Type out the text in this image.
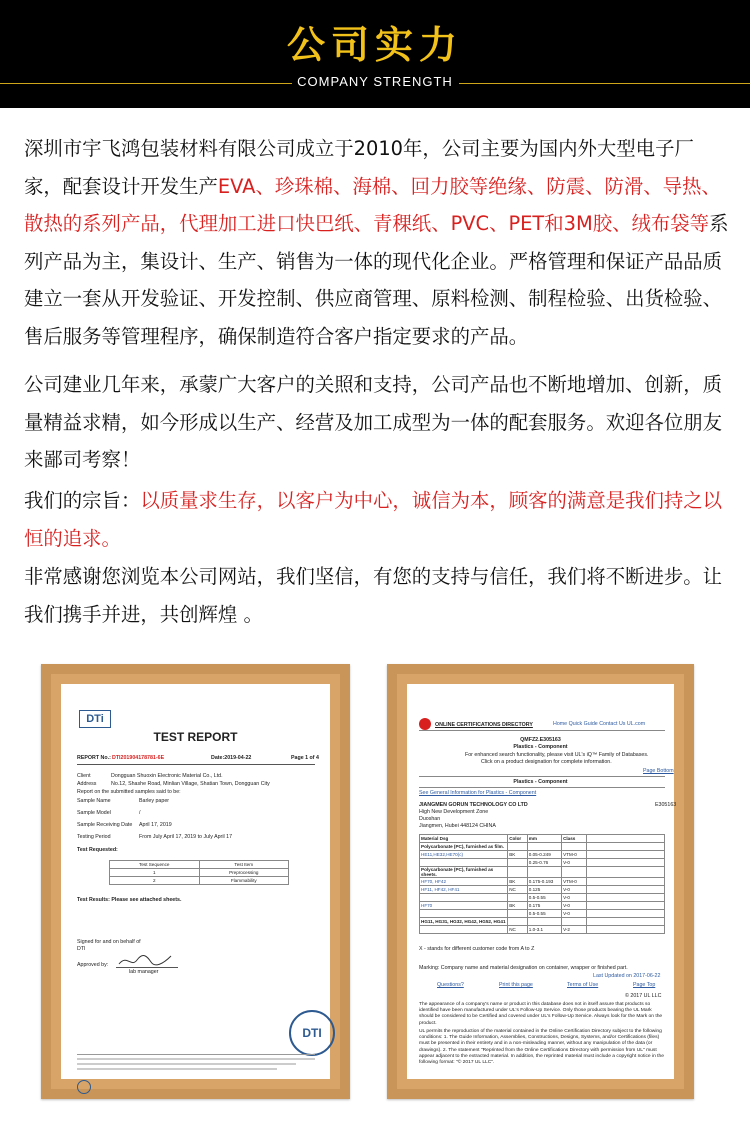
公司实力
COMPANY STRENGTH

深圳市宇飞鸿包装材料有限公司成立于2010年，公司主要为国内外大型电子厂家，配套设计开发生产EVA、珍珠棉、海棉、回力胶等绝缘、防震、防滑、导热、散热的系列产品，代理加工进口快巴纸、青稞纸、PVC、PET和3M胶、绒布袋等系列产品为主，集设计、生产、销售为一体的现代化企业。严格管理和保证产品品质建立一套从开发验证、开发控制、供应商管理、原料检测、制程检验、出货检验、售后服务等管理程序，确保制造符合客户指定要求的产品。

公司建业几年来，承蒙广大客户的关照和支持，公司产品也不断地增加、创新，质量精益求精，如今形成以生产、经营及加工成型为一体的配套服务。欢迎各位朋友来鄙司考察！

我们的宗旨：以质量求生存，以客户为中心，诚信为本，顾客的满意是我们持之以恒的追求。

非常感谢您浏览本公司网站，我们坚信，有您的支持与信任，我们将不断进步。让我们携手并进，共创辉煌 。

DTi
TEST REPORT
REPORT No.: DTI201904178781-6E	Date:2019-04-22	Page 1 of 4
Client	Dongguan Shuoxin Electronic Material Co., Ltd.
Address	No.12, Shashe Road, Minlian Village, Shatian Town, Dongguan City
Report on the submitted samples said to be:
Sample Name	Barley paper
Sample Model	/
Sample Receiving Date April 17, 2019
Testing Period	From July April 17, 2019 to July April 17
Test Requested:
Test Sequence	Test Item
1	Preprocessing
2	Flammability
Test Results: Please see attached sheets.
Signed for and on behalf of
DTI
Approved by:
lab manager
DTI
ONLINE CERTIFICATIONS DIRECTORY	Home Quick Guide Contact Us UL.com
QMFZ2.E305163
Plastics - Component
For enhanced search functionality, please visit UL's iQ™ Family of Databases.
Click on a product designation for complete information.
Page Bottom
Plastics - Component
See General Information for Plastics - Component
JIANGMEN GORUN TECHNOLOGY CO LTD	E305163
High New Development Zone
Duoshan
Jiangmen, Hubei 448124 CHINA
Material Dsg	Color	mm	Class	
Polycarbonate (PC), furnished as film.				
HE11,HE32,HE70(c)	BK	0.05-0.249	VTM-0	
		0.25-0.76	V-0	
Polycarbonate (PC), furnished as sheets.				
HF70, HF42	BK	0.175-0.193	VTM-0	
HF11, HF42, HF41	NC	0.125	V-0	
		0.5-0.55	V-0	
HF70	BK	0.175	V-0	
		0.5-0.55	V-0	
HG11, HG31, HG32, HG42, HG52, HG41				
	NC	1.0-3.1	V-2	
X - stands for different customer code from A to Z
Marking: Company name and material designation on container, wrapper or finished part.
Last Updated on 2017-06-22
Questions?	Print this page	Terms of Use	Page Top
© 2017 UL LLC
The appearance of a company's name or product in this database does not in itself assure that products so identified have been manufactured under UL's Follow-Up Service. Only those products bearing the UL Mark should be considered to be Certified and covered under UL's Follow-Up Service. Always look for the Mark on the product.
UL permits the reproduction of the material contained in the Online Certification Directory subject to the following conditions: 1. The Guide Information, Assemblies, Constructions, Designs, Systems, and/or Certifications (files) must be presented in their entirety and in a non-misleading manner, without any manipulation of the data (or drawings). 2. The statement "Reprinted from the Online Certifications Directory with permission from UL" must appear adjacent to the extracted material. In addition, the reprinted material must include a copyright notice in the following format: "© 2017 UL LLC".
